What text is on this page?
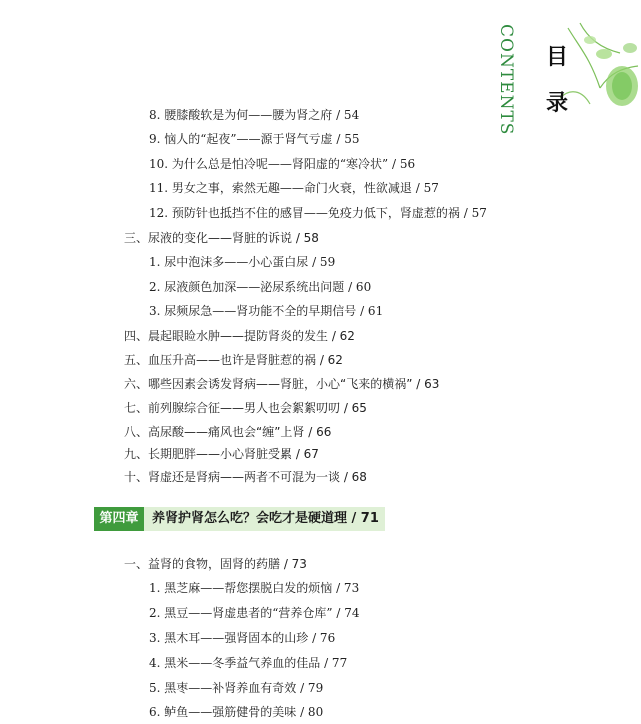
CONTENTS 目
录
8. 腰膝酸软是为何——腰为肾之府 / 54
9. 恼人的“起夜”——源于肾气亏虚 / 55
10. 为什么总是怕冷呢——肾阳虚的“寒冷状” / 56
11. 男女之事，索然无趣——命门火衰，性欲减退 / 57
12. 预防针也抵挡不住的感冒——免疫力低下，肾虚惹的祸 / 57
三、尿液的变化——肾脏的诉说 / 58
1. 尿中泡沫多——小心蛋白尿 / 59
2. 尿液颜色加深——泌尿系统出问题 / 60
3. 尿频尿急——肾功能不全的早期信号 / 61
四、晨起眼睑水肿——提防肾炎的发生 / 62
五、血压升高——也许是肾脏惹的祸 / 62
六、哪些因素会诱发肾病——肾脏，小心“飞来的横祸” / 63
七、前列腺综合征——男人也会絮絮叨叨 / 65
八、高尿酸——痛风也会“缠”上肾 / 66
九、长期肥胖——小心肾脏受累 / 67
十、肾虚还是肾病——两者不可混为一谈 / 68
第四章	养肾护肾怎么吃？会吃才是硬道理 / 71
一、益肾的食物，固肾的药膳 / 73
1. 黑芝麻——帮您摆脱白发的烦恼 / 73
2. 黑豆——肾虚患者的“营养仓库” / 74
3. 黑木耳——强肾固本的山珍 / 76
4. 黑米——冬季益气养血的佳品 / 77
5. 黑枣——补肾养血有奇效 / 79
6. 鲈鱼——强筋健骨的美味 / 80
